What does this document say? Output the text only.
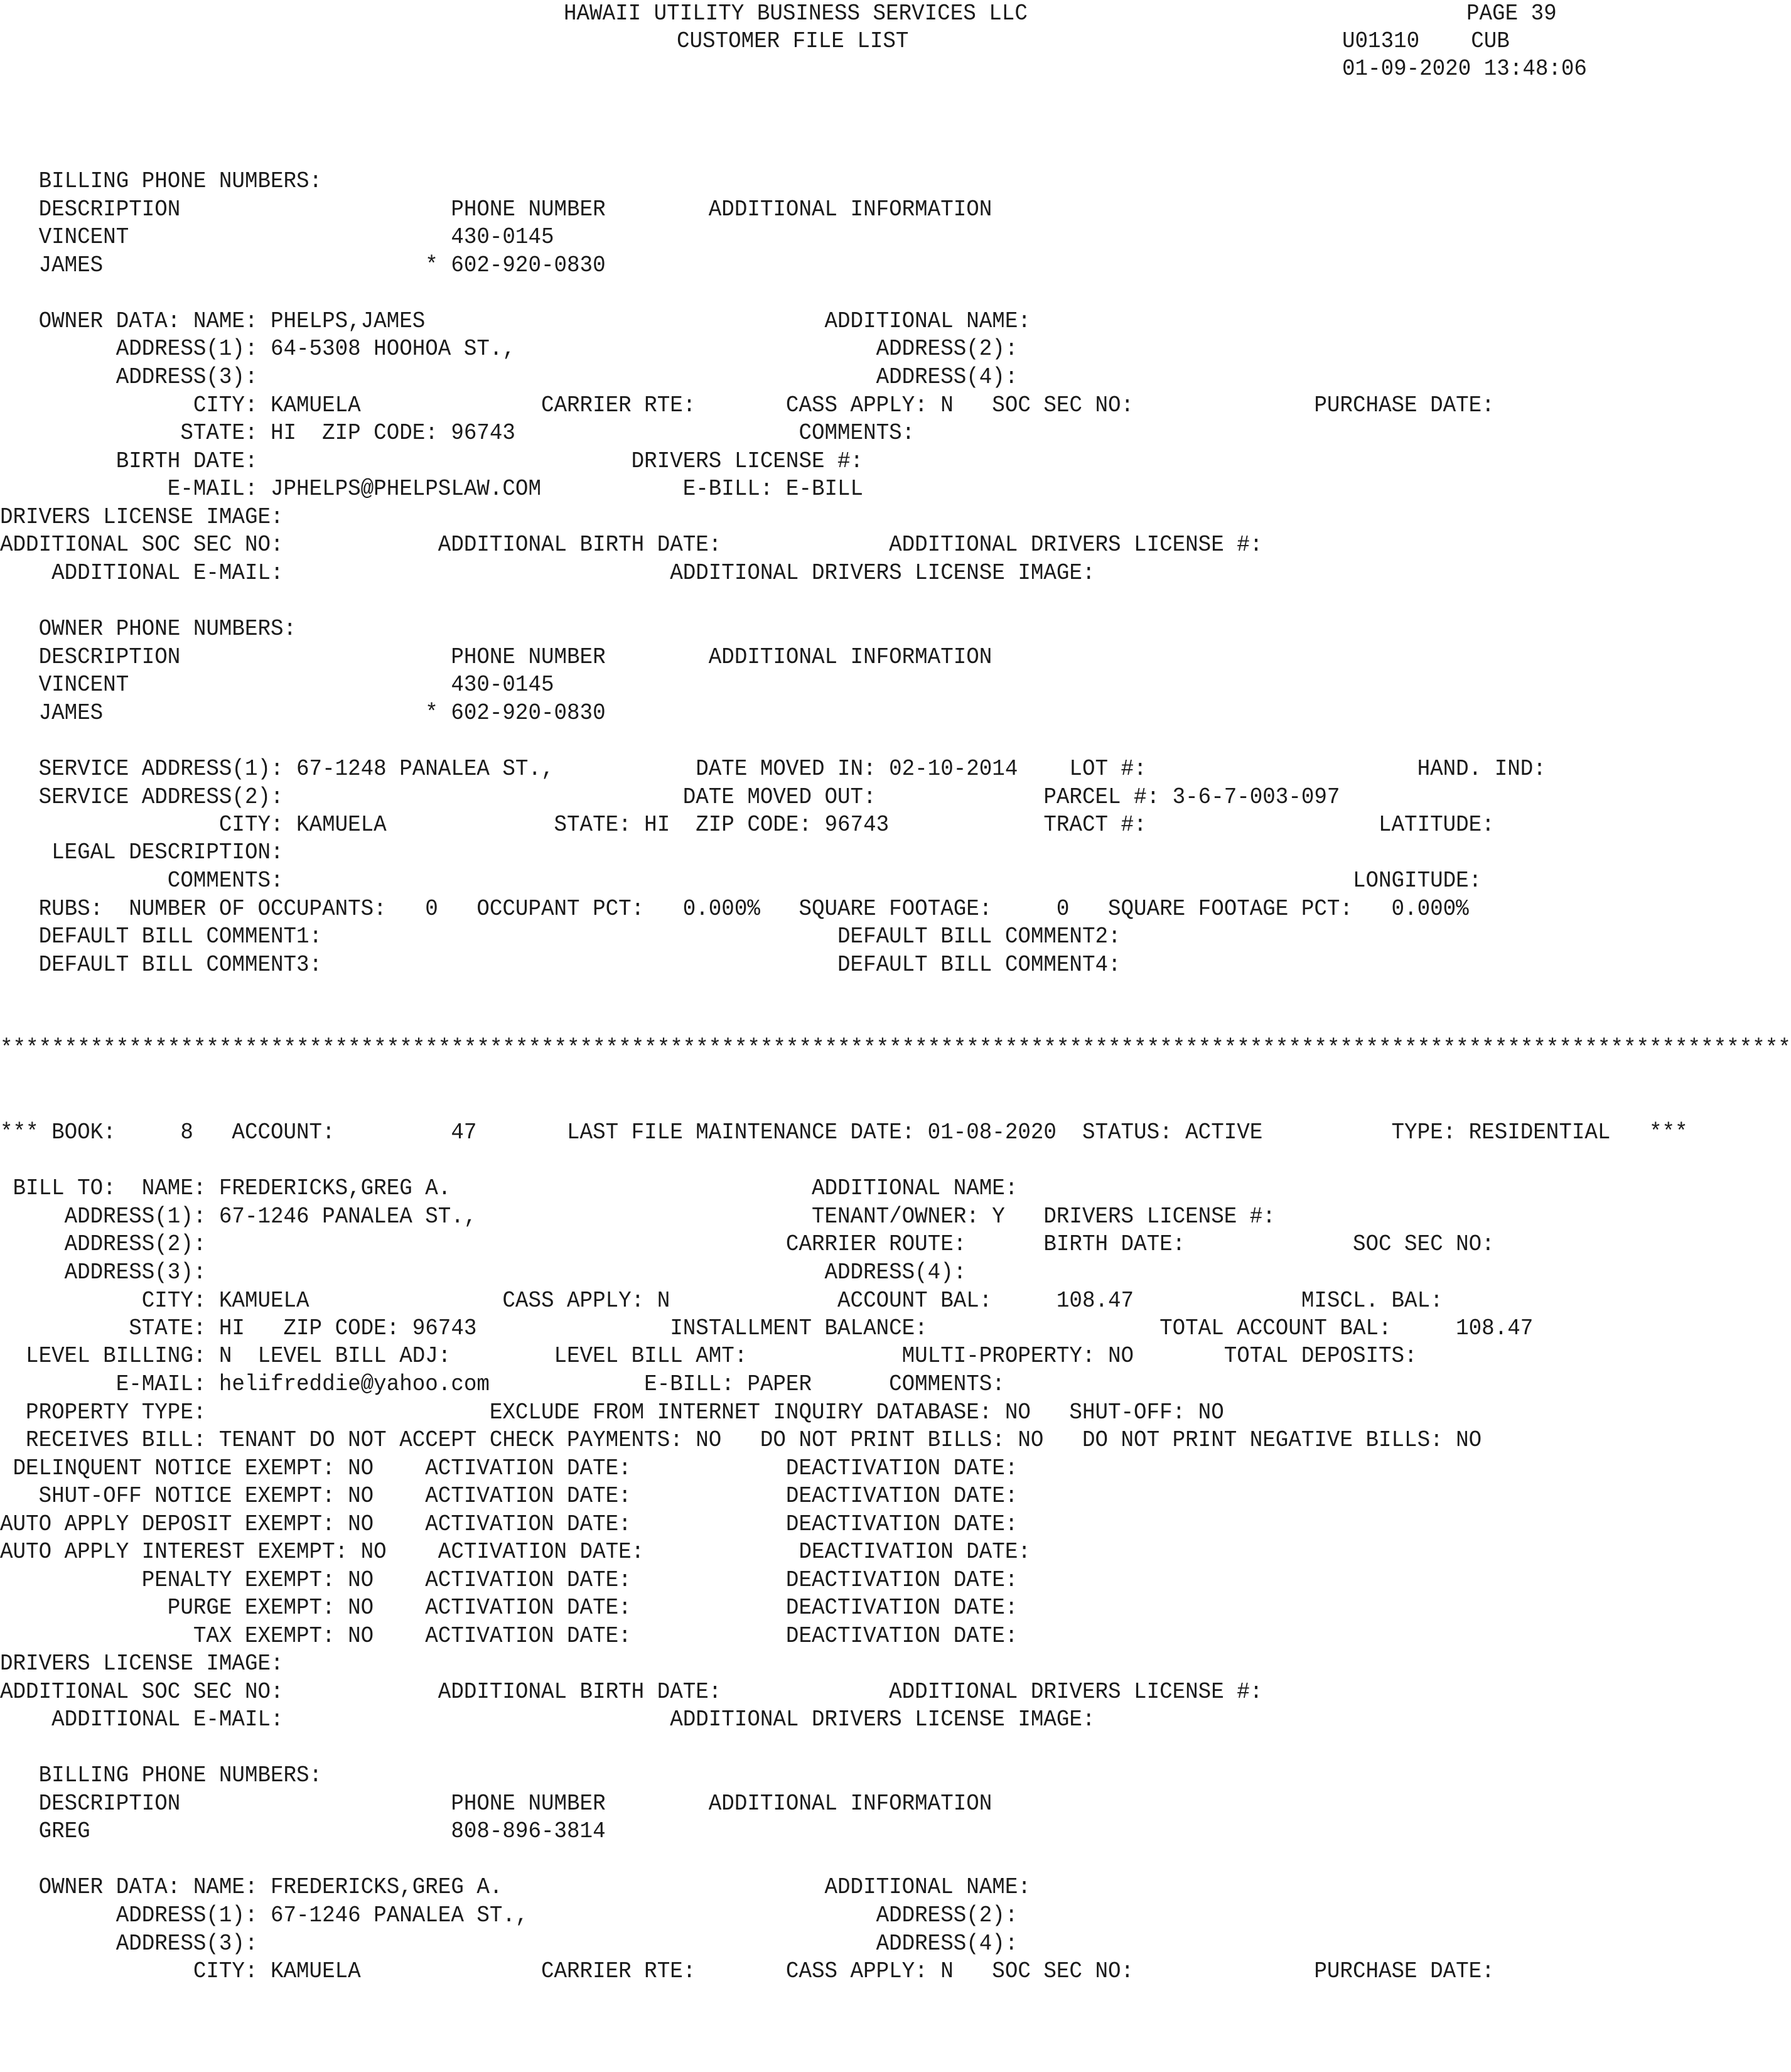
HAWAII UTILITY BUSINESS SERVICES LLC	PAGE 39
CUSTOMER FILE LIST	U01310    CUB
01-09-2020 13:48:06
BILLING PHONE NUMBERS:
DESCRIPTION                     PHONE NUMBER        ADDITIONAL INFORMATION
VINCENT                         430-0145
JAMES                         * 602-920-0830
OWNER DATA: NAME: PHELPS,JAMES                               ADDITIONAL NAME:
ADDRESS(1): 64-5308 HOOHOA ST.,                            ADDRESS(2):
ADDRESS(3):                                                ADDRESS(4):
CITY: KAMUELA              CARRIER RTE:       CASS APPLY: N   SOC SEC NO:              PURCHASE DATE:
STATE: HI  ZIP CODE: 96743                      COMMENTS:
BIRTH DATE:                             DRIVERS LICENSE #:
E-MAIL: JPHELPS@PHELPSLAW.COM           E-BILL: E-BILL
DRIVERS LICENSE IMAGE:
ADDITIONAL SOC SEC NO:            ADDITIONAL BIRTH DATE:             ADDITIONAL DRIVERS LICENSE #:
ADDITIONAL E-MAIL:                              ADDITIONAL DRIVERS LICENSE IMAGE:
OWNER PHONE NUMBERS:
DESCRIPTION                     PHONE NUMBER        ADDITIONAL INFORMATION
VINCENT                         430-0145
JAMES                         * 602-920-0830
SERVICE ADDRESS(1): 67-1248 PANALEA ST.,           DATE MOVED IN: 02-10-2014    LOT #:                     HAND. IND:
SERVICE ADDRESS(2):                               DATE MOVED OUT:             PARCEL #: 3-6-7-003-097
CITY: KAMUELA             STATE: HI  ZIP CODE: 96743            TRACT #:                  LATITUDE:
LEGAL DESCRIPTION:
COMMENTS:                                                                                   LONGITUDE:
RUBS:  NUMBER OF OCCUPANTS:   0   OCCUPANT PCT:   0.000%   SQUARE FOOTAGE:     0   SQUARE FOOTAGE PCT:   0.000%
DEFAULT BILL COMMENT1:                                        DEFAULT BILL COMMENT2:
DEFAULT BILL COMMENT3:                                        DEFAULT BILL COMMENT4:
*******************************************************************************************************************************************
*** BOOK:     8   ACCOUNT:         47       LAST FILE MAINTENANCE DATE: 01-08-2020  STATUS: ACTIVE          TYPE: RESIDENTIAL   ***
BILL TO:  NAME: FREDERICKS,GREG A.                            ADDITIONAL NAME:
ADDRESS(1): 67-1246 PANALEA ST.,                          TENANT/OWNER: Y   DRIVERS LICENSE #:
ADDRESS(2):                                             CARRIER ROUTE:      BIRTH DATE:             SOC SEC NO:
ADDRESS(3):                                                ADDRESS(4):
CITY: KAMUELA               CASS APPLY: N             ACCOUNT BAL:     108.47             MISCL. BAL:
STATE: HI   ZIP CODE: 96743               INSTALLMENT BALANCE:                  TOTAL ACCOUNT BAL:     108.47
LEVEL BILLING: N  LEVEL BILL ADJ:        LEVEL BILL AMT:            MULTI-PROPERTY: NO       TOTAL DEPOSITS:
E-MAIL: helifreddie@yahoo.com            E-BILL: PAPER      COMMENTS:
PROPERTY TYPE:                      EXCLUDE FROM INTERNET INQUIRY DATABASE: NO   SHUT-OFF: NO
RECEIVES BILL: TENANT DO NOT ACCEPT CHECK PAYMENTS: NO   DO NOT PRINT BILLS: NO   DO NOT PRINT NEGATIVE BILLS: NO
DELINQUENT NOTICE EXEMPT: NO    ACTIVATION DATE:            DEACTIVATION DATE:
SHUT-OFF NOTICE EXEMPT: NO    ACTIVATION DATE:            DEACTIVATION DATE:
AUTO APPLY DEPOSIT EXEMPT: NO    ACTIVATION DATE:            DEACTIVATION DATE:
AUTO APPLY INTEREST EXEMPT: NO    ACTIVATION DATE:            DEACTIVATION DATE:
PENALTY EXEMPT: NO    ACTIVATION DATE:            DEACTIVATION DATE:
PURGE EXEMPT: NO    ACTIVATION DATE:            DEACTIVATION DATE:
TAX EXEMPT: NO    ACTIVATION DATE:            DEACTIVATION DATE:
DRIVERS LICENSE IMAGE:
ADDITIONAL SOC SEC NO:            ADDITIONAL BIRTH DATE:             ADDITIONAL DRIVERS LICENSE #:
ADDITIONAL E-MAIL:                              ADDITIONAL DRIVERS LICENSE IMAGE:
BILLING PHONE NUMBERS:
DESCRIPTION                     PHONE NUMBER        ADDITIONAL INFORMATION
GREG                            808-896-3814
OWNER DATA: NAME: FREDERICKS,GREG A.                         ADDITIONAL NAME:
ADDRESS(1): 67-1246 PANALEA ST.,                           ADDRESS(2):
ADDRESS(3):                                                ADDRESS(4):
CITY: KAMUELA              CARRIER RTE:       CASS APPLY: N   SOC SEC NO:              PURCHASE DATE:
